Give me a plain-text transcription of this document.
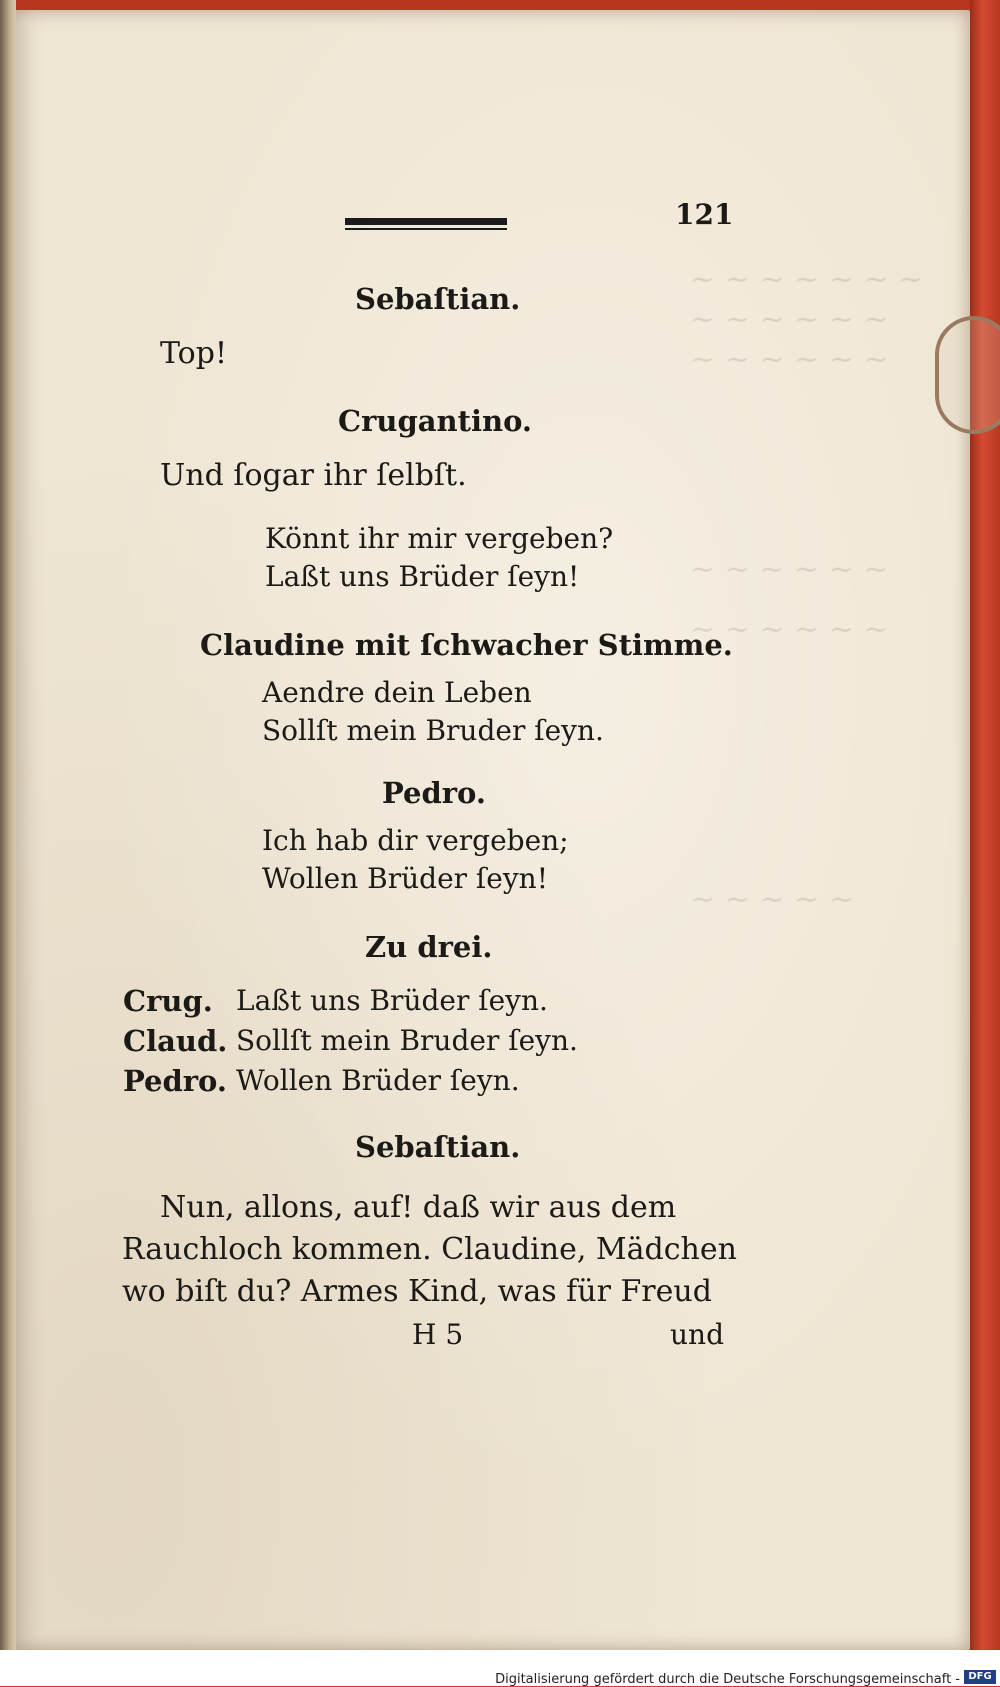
~ ~ ~ ~ ~ ~ ~
~ ~ ~ ~ ~ ~
~ ~ ~ ~ ~ ~
~ ~ ~ ~ ~ ~
~ ~ ~ ~ ~ ~
~ ~ ~ ~ ~
121
Sebaſtian.
Top!
Crugantino.
Und ſogar ihr ſelbſt.
Könnt ihr mir vergeben?
Laßt uns Brüder ſeyn!
Claudine mit ſchwacher Stimme.
Aendre dein Leben
Sollſt mein Bruder ſeyn.
Pedro.
Ich hab dir vergeben;
Wollen Brüder ſeyn!
Zu drei.
Crug. Laßt uns Brüder ſeyn.
Claud. Sollſt mein Bruder ſeyn.
Pedro. Wollen Brüder ſeyn.
Sebaſtian.
Nun, allons, auf! daß wir aus dem
Rauchloch kommen. Claudine, Mädchen
wo biſt du? Armes Kind, was für Freud
H 5	und
Digitalisierung gefördert durch die Deutsche Forschungsgemeinschaft - DFG
